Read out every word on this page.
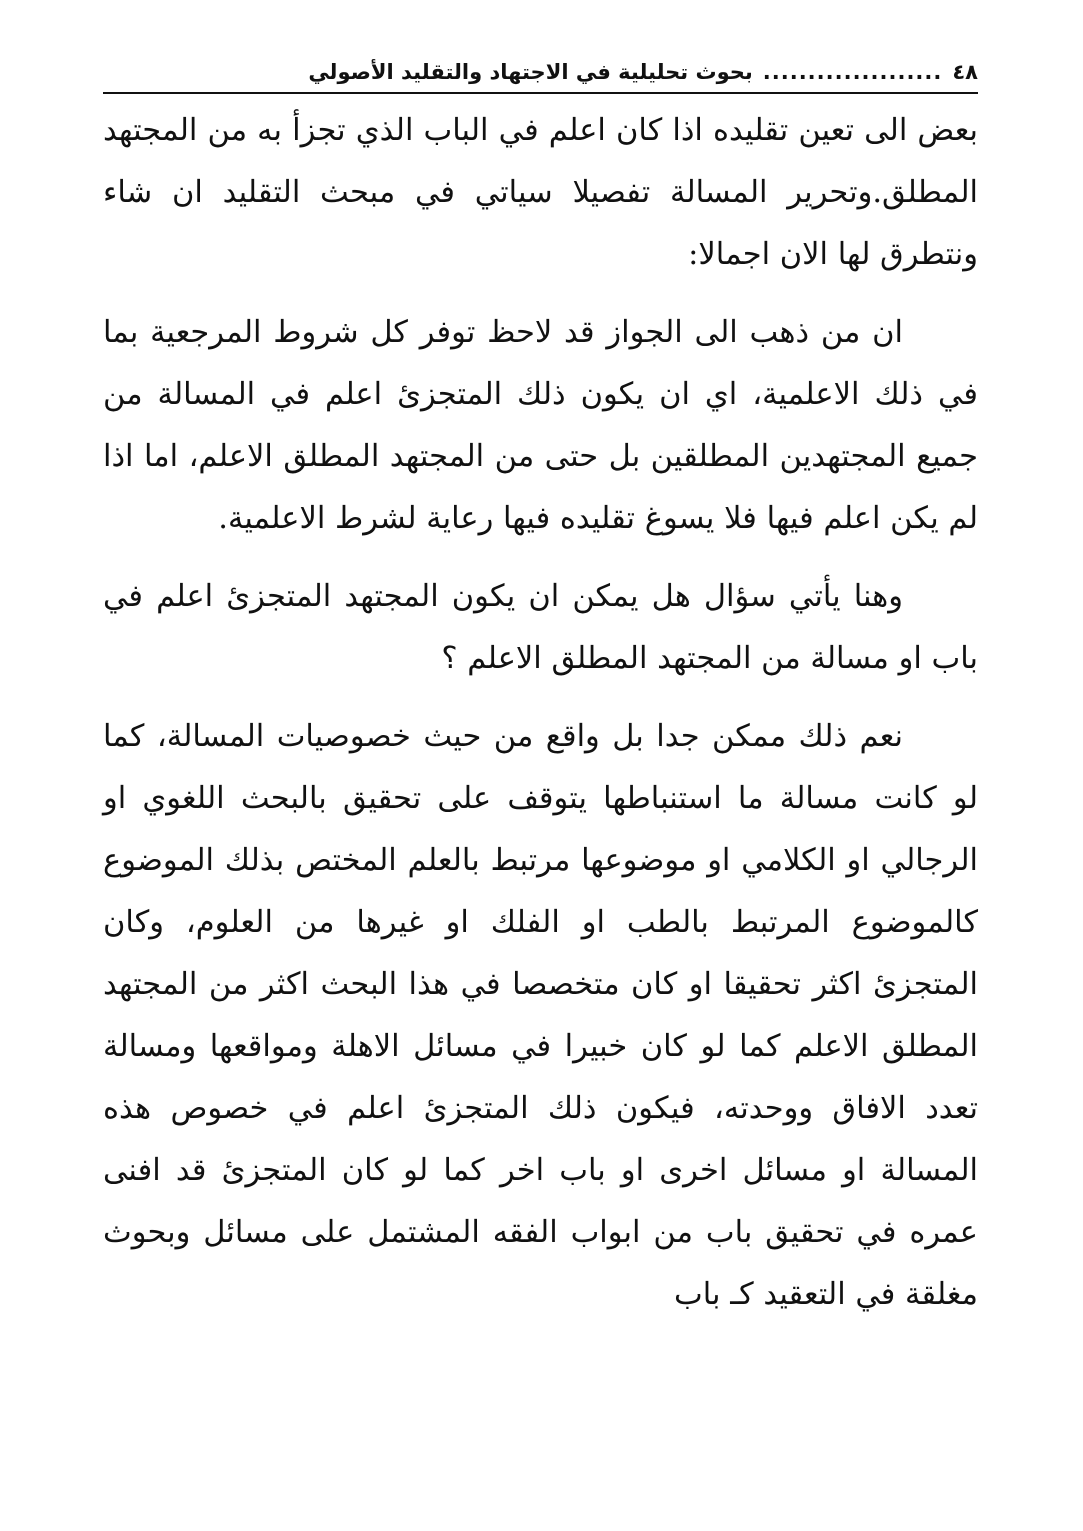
٤٨
....................
بحوث تحليلية في الاجتهاد والتقليد الأصولي

بعض الى تعين تقليده اذا كان اعلم في الباب الذي تجزأ به من المجتهد المطلق.وتحرير المسالة تفصيلا سياتي في مبحث التقليد ان شاء ونتطرق لها الان اجمالا:

ان من ذهب الى الجواز قد لاحظ توفر كل شروط المرجعية بما في ذلك الاعلمية، اي ان يكون ذلك المتجزئ اعلم في المسالة من جميع المجتهدين المطلقين بل حتى من المجتهد المطلق الاعلم، اما اذا لم يكن اعلم فيها فلا يسوغ تقليده فيها رعاية لشرط الاعلمية.

وهنا يأتي سؤال هل يمكن ان يكون المجتهد المتجزئ اعلم في باب او مسالة من المجتهد المطلق الاعلم ؟

نعم ذلك ممكن جدا بل واقع من حيث خصوصيات المسالة، كما لو كانت مسالة ما استنباطها يتوقف على تحقيق بالبحث اللغوي او الرجالي او الكلامي او موضوعها مرتبط بالعلم المختص بذلك الموضوع كالموضوع المرتبط بالطب او الفلك او غيرها من العلوم، وكان المتجزئ اكثر تحقيقا او كان متخصصا في هذا البحث اكثر من المجتهد المطلق الاعلم كما لو كان خبيرا في مسائل الاهلة ومواقعها ومسالة تعدد الافاق ووحدته، فيكون ذلك المتجزئ اعلم في خصوص هذه المسالة او مسائل اخرى او باب اخر كما لو كان المتجزئ قد افنى عمره في تحقيق باب من ابواب الفقه المشتمل على مسائل وبحوث مغلقة في التعقيد كـ باب
